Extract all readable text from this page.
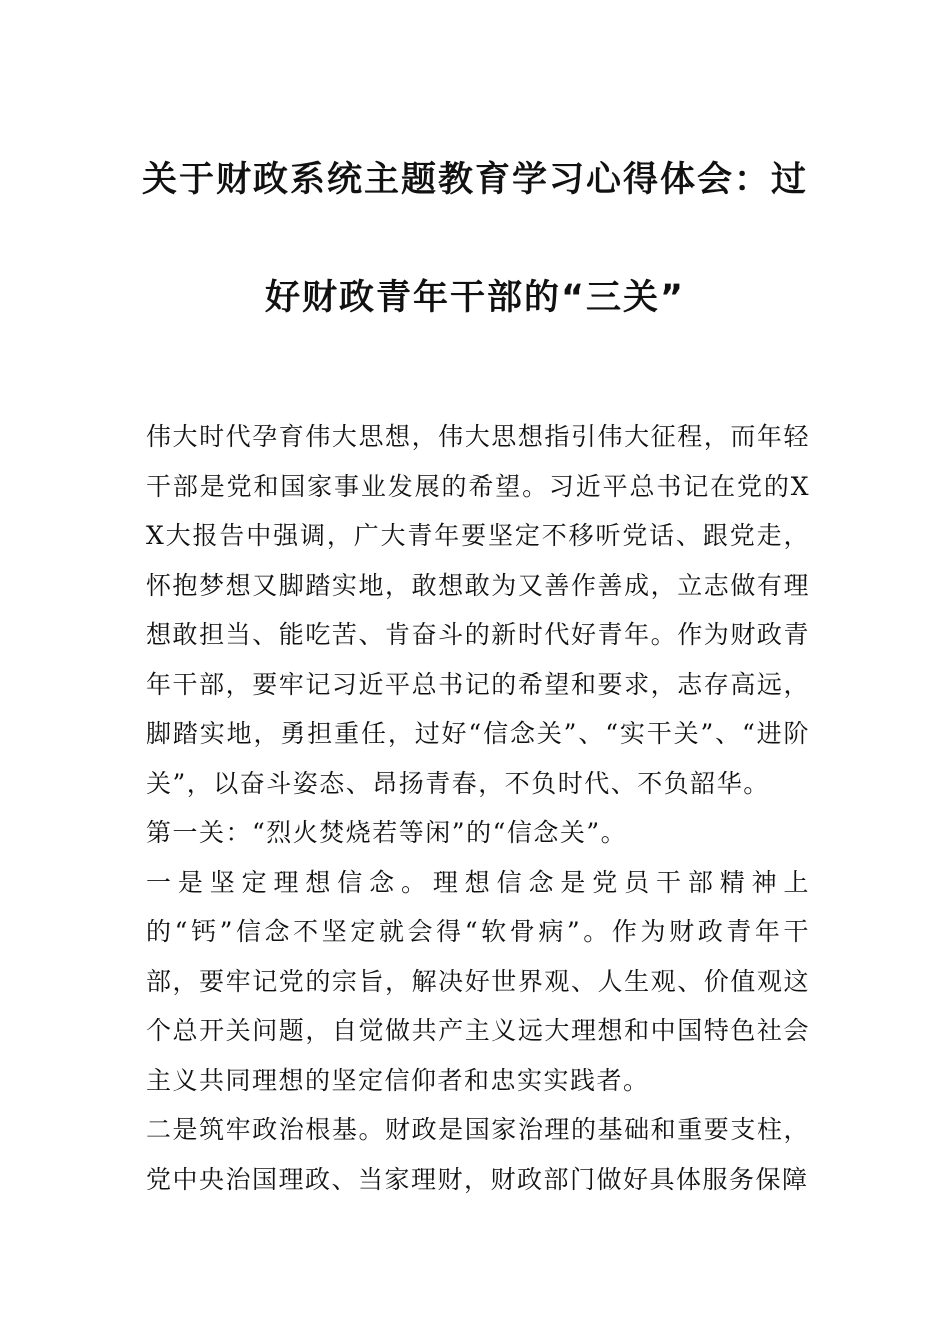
关于财政系统主题教育学习心得体会：过
好财政青年干部的“三关”

伟大时代孕育伟大思想，伟大思想指引伟大征程，而年轻干部是党和国家事业发展的希望。习近平总书记在党的XX大报告中强调，广大青年要坚定不移听党话、跟党走，怀抱梦想又脚踏实地，敢想敢为又善作善成，立志做有理想敢担当、能吃苦、肯奋斗的新时代好青年。作为财政青年干部，要牢记习近平总书记的希望和要求，志存高远，脚踏实地，勇担重任，过好“信念关”、“实干关”、“进阶关”，以奋斗姿态、昂扬青春，不负时代、不负韶华。

第一关：“烈火焚烧若等闲”的“信念关”。

一是坚定理想信念。理想信念是党员干部精神上的“钙”信念不坚定就会得“软骨病”。作为财政青年干部，要牢记党的宗旨，解决好世界观、人生观、价值观这个总开关问题，自觉做共产主义远大理想和中国特色社会主义共同理想的坚定信仰者和忠实实践者。

二是筑牢政治根基。财政是国家治理的基础和重要支柱，党中央治国理政、当家理财，财政部门做好具体服务保障
